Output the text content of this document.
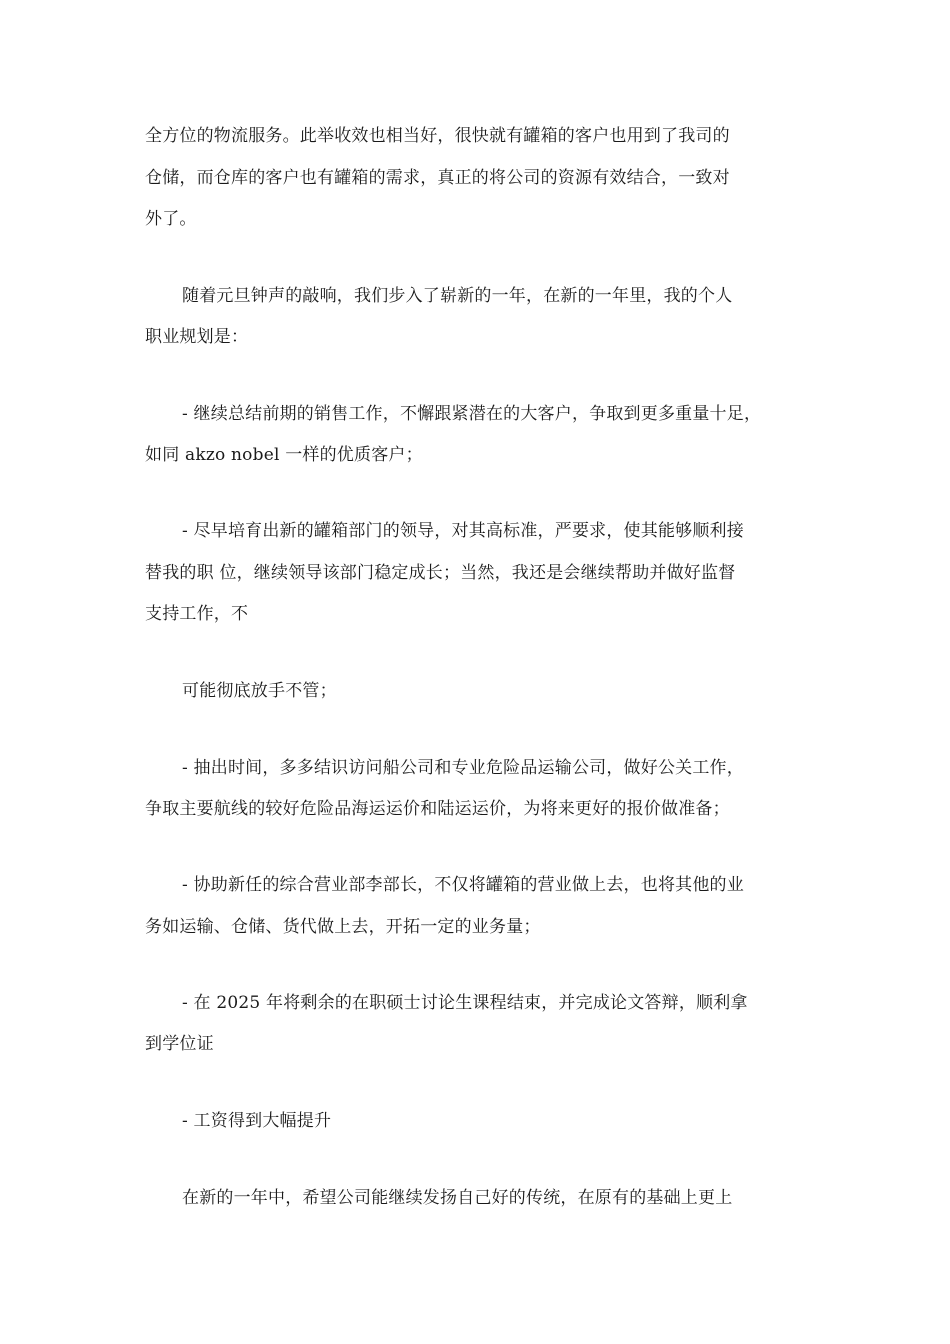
全方位的物流服务。此举收效也相当好，很快就有罐箱的客户也用到了我司的
仓储，而仓库的客户也有罐箱的需求，真正的将公司的资源有效结合，一致对
外了。
随着元旦钟声的敲响，我们步入了崭新的一年，在新的一年里，我的个人
职业规划是：
- 继续总结前期的销售工作，不懈跟紧潜在的大客户，争取到更多重量十足，
如同 akzo nobel 一样的优质客户；
- 尽早培育出新的罐箱部门的领导，对其高标准，严要求，使其能够顺利接
替我的职 位，继续领导该部门稳定成长；当然，我还是会继续帮助并做好监督
支持工作，不
可能彻底放手不管；
- 抽出时间，多多结识访问船公司和专业危险品运输公司，做好公关工作，
争取主要航线的较好危险品海运运价和陆运运价，为将来更好的报价做准备；
- 协助新任的综合营业部李部长，不仅将罐箱的营业做上去，也将其他的业
务如运输、仓储、货代做上去，开拓一定的业务量；
- 在 2025 年将剩余的在职硕士讨论生课程结束，并完成论文答辩，顺利拿
到学位证
- 工资得到大幅提升
在新的一年中，希望公司能继续发扬自己好的传统，在原有的基础上更上
